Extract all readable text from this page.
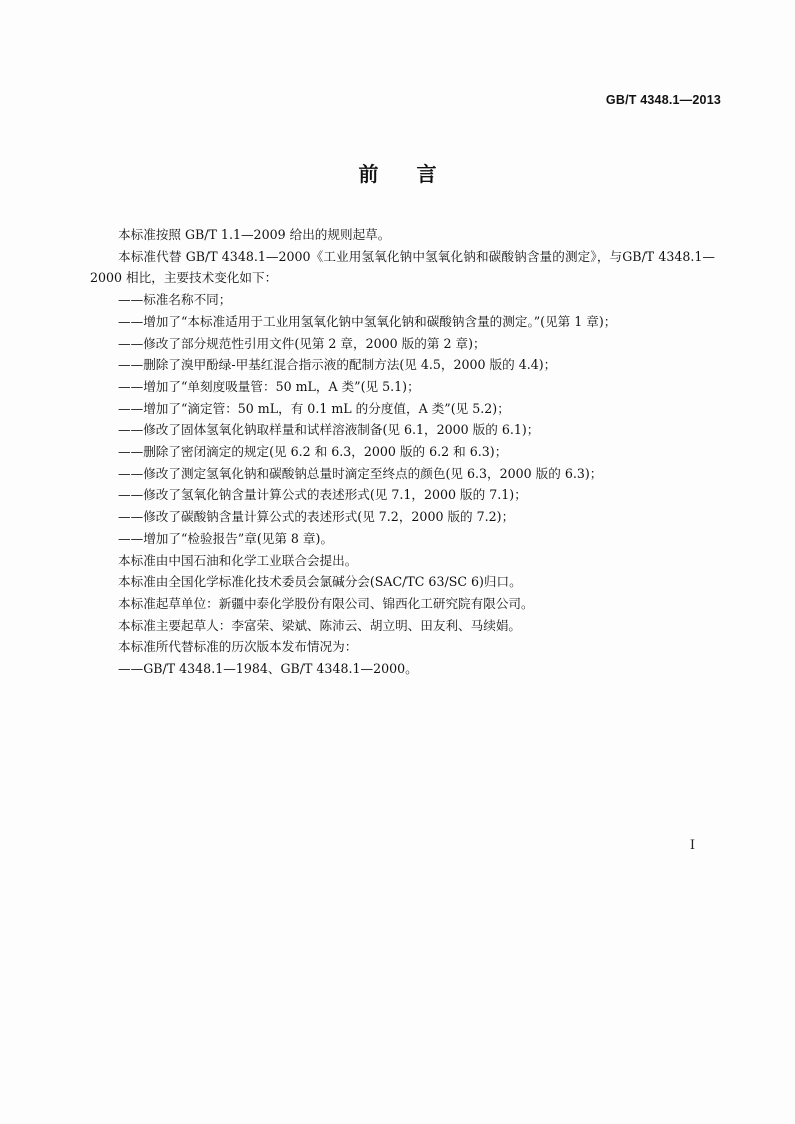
GB/T 4348.1—2013
前言

本标准按照 GB/T 1.1—2009 给出的规则起草。

本标准代替 GB/T 4348.1—2000《工业用氢氧化钠中氢氧化钠和碳酸钠含量的测定》，与GB/T 4348.1—2000 相比，主要技术变化如下：

——标准名称不同；

——增加了“本标准适用于工业用氢氧化钠中氢氧化钠和碳酸钠含量的测定。”(见第 1 章)；

——修改了部分规范性引用文件(见第 2 章，2000 版的第 2 章)；

——删除了溴甲酚绿-甲基红混合指示液的配制方法(见 4.5，2000 版的 4.4)；

——增加了“单刻度吸量管：50 mL，A 类”(见 5.1)；

——增加了“滴定管：50 mL，有 0.1 mL 的分度值，A 类”(见 5.2)；

——修改了固体氢氧化钠取样量和试样溶液制备(见 6.1，2000 版的 6.1)；

——删除了密闭滴定的规定(见 6.2 和 6.3，2000 版的 6.2 和 6.3)；

——修改了测定氢氧化钠和碳酸钠总量时滴定至终点的颜色(见 6.3，2000 版的 6.3)；

——修改了氢氧化钠含量计算公式的表述形式(见 7.1，2000 版的 7.1)；

——修改了碳酸钠含量计算公式的表述形式(见 7.2，2000 版的 7.2)；

——增加了“检验报告”章(见第 8 章)。

本标准由中国石油和化学工业联合会提出。

本标准由全国化学标准化技术委员会氯碱分会(SAC/TC 63/SC 6)归口。

本标准起草单位：新疆中泰化学股份有限公司、锦西化工研究院有限公司。

本标准主要起草人：李富荣、梁斌、陈沛云、胡立明、田友利、马续娟。

本标准所代替标准的历次版本发布情况为：

——GB/T 4348.1—1984、GB/T 4348.1—2000。

I
